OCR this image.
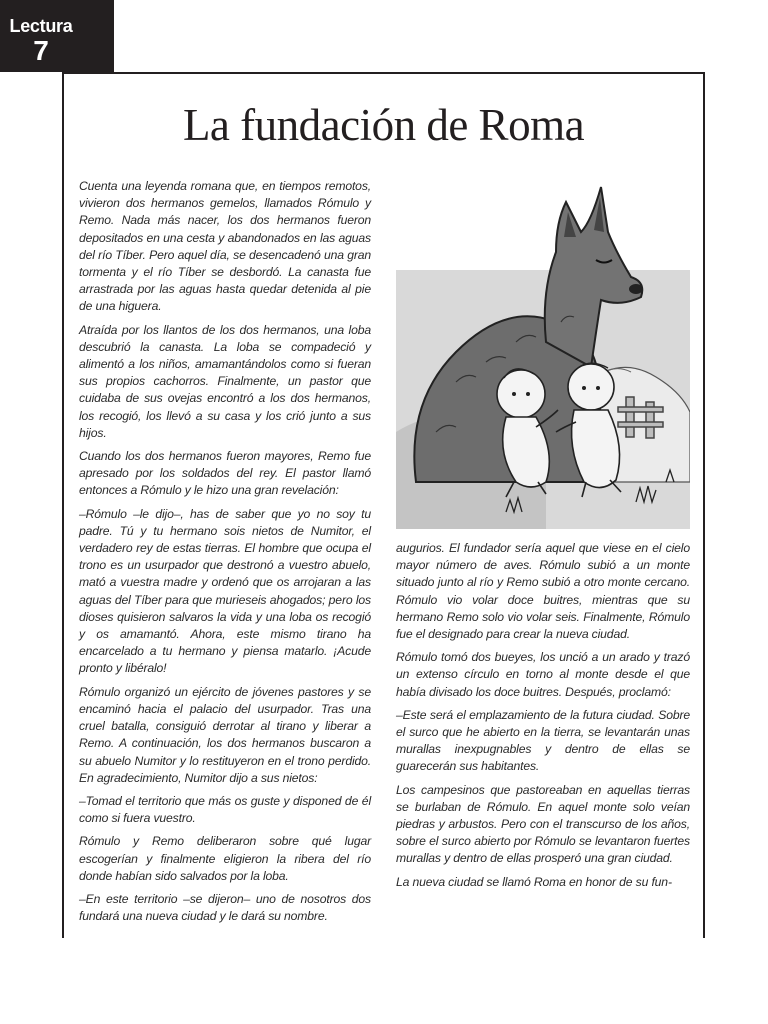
Lectura
7
La fundación de Roma

Cuenta una leyenda romana que, en tiempos remotos, vivieron dos hermanos gemelos, llamados Rómulo y Remo. Nada más nacer, los dos hermanos fueron depositados en una cesta y abandonados en las aguas del río Tíber. Pero aquel día, se desencadenó una gran tormenta y el río Tíber se desbordó. La canasta fue arrastrada por las aguas hasta quedar detenida al pie de una higuera.

Atraída por los llantos de los dos hermanos, una loba descubrió la canasta. La loba se compadeció y alimentó a los niños, amamantándolos como si fueran sus propios cachorros. Finalmente, un pastor que cuidaba de sus ovejas encontró a los dos hermanos, los recogió, los llevó a su casa y los crió junto a sus hijos.

Cuando los dos hermanos fueron mayores, Remo fue apresado por los soldados del rey. El pastor llamó entonces a Rómulo y le hizo una gran revelación:

–Rómulo –le dijo–, has de saber que yo no soy tu padre. Tú y tu hermano sois nietos de Numitor, el verdadero rey de estas tierras. El hombre que ocupa el trono es un usurpador que destronó a vuestro abuelo, mató a vuestra madre y ordenó que os arrojaran a las aguas del Tíber para que murieseis ahogados; pero los dioses quisieron salvaros la vida y una loba os recogió y os amamantó. Ahora, este mismo tirano ha encarcelado a tu hermano y piensa matarlo. ¡Acude pronto y libéralo!

Rómulo organizó un ejército de jóvenes pastores y se encaminó hacia el palacio del usurpador. Tras una cruel batalla, consiguió derrotar al tirano y liberar a Remo. A continuación, los dos hermanos buscaron a su abuelo Numitor y lo restituyeron en el trono perdido. En agradecimiento, Numitor dijo a sus nietos:

–Tomad el territorio que más os guste y disponed de él como si fuera vuestro.

Rómulo y Remo deliberaron sobre qué lugar escogerían y finalmente eligieron la ribera del río donde habían sido salvados por la loba.

–En este territorio –se dijeron– uno de nosotros dos fundará una nueva ciudad y le dará su nombre.

augurios. El fundador sería aquel que viese en el cielo mayor número de aves. Rómulo subió a un monte situado junto al río y Remo subió a otro monte cercano. Rómulo vio volar doce buitres, mientras que su hermano Remo solo vio volar seis. Finalmente, Rómulo fue el designado para crear la nueva ciudad.

Rómulo tomó dos bueyes, los unció a un arado y trazó un extenso círculo en torno al monte desde el que había divisado los doce buitres. Después, proclamó:

–Este será el emplazamiento de la futura ciudad. Sobre el surco que he abierto en la tierra, se levantarán unas murallas inexpugnables y dentro de ellas se guarecerán sus habitantes.

Los campesinos que pastoreaban en aquellas tierras se burlaban de Rómulo. En aquel monte solo veían piedras y arbustos. Pero con el transcurso de los años, sobre el surco abierto por Rómulo se levantaron fuertes murallas y dentro de ellas prosperó una gran ciudad.

La nueva ciudad se llamó Roma en honor de su fun-
